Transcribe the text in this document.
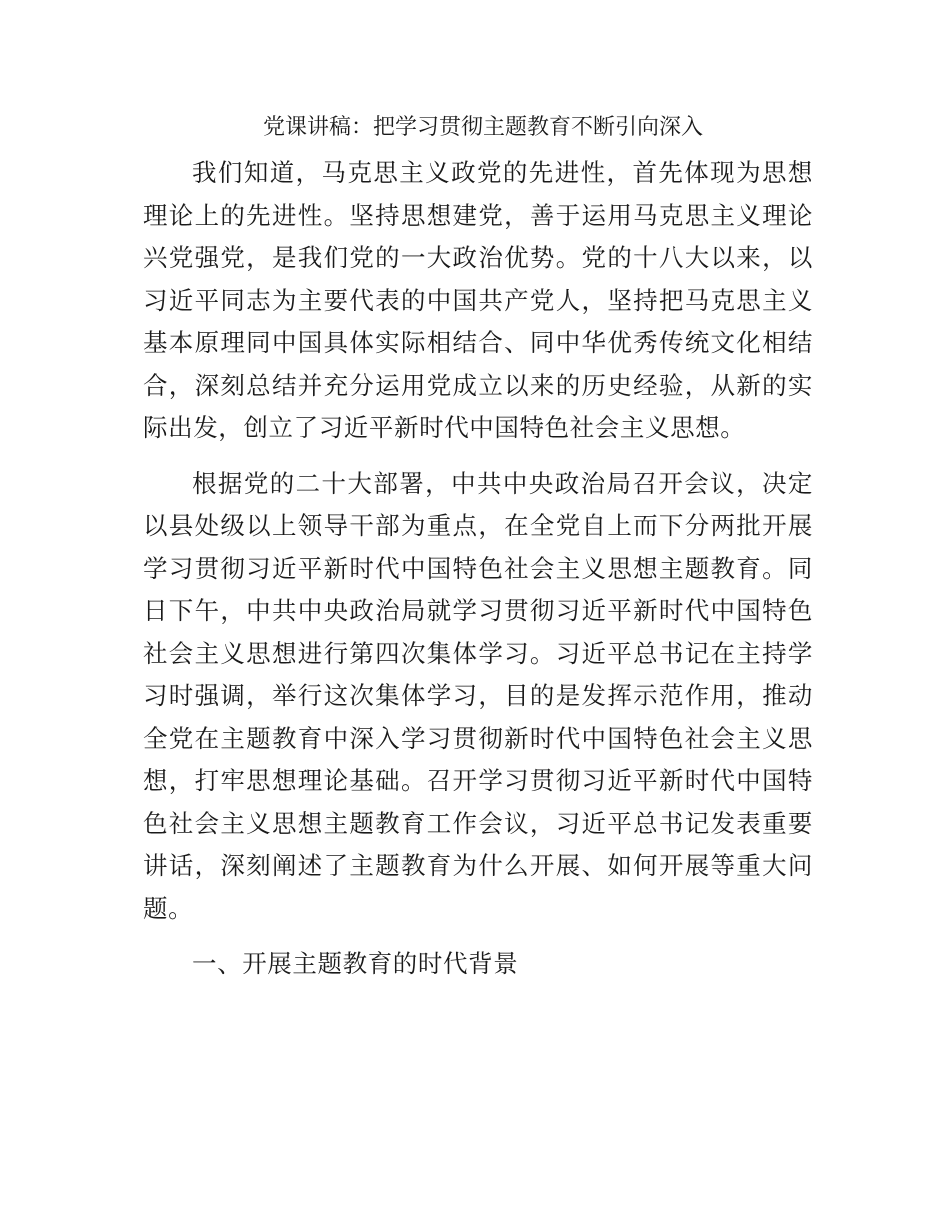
党课讲稿：把学习贯彻主题教育不断引向深入

我们知道，马克思主义政党的先进性，首先体现为思想理论上的先进性。坚持思想建党，善于运用马克思主义理论兴党强党，是我们党的一大政治优势。党的十八大以来，以习近平同志为主要代表的中国共产党人，坚持把马克思主义基本原理同中国具体实际相结合、同中华优秀传统文化相结合，深刻总结并充分运用党成立以来的历史经验，从新的实际出发，创立了习近平新时代中国特色社会主义思想。

根据党的二十大部署，中共中央政治局召开会议，决定以县处级以上领导干部为重点，在全党自上而下分两批开展学习贯彻习近平新时代中国特色社会主义思想主题教育。同日下午，中共中央政治局就学习贯彻习近平新时代中国特色社会主义思想进行第四次集体学习。习近平总书记在主持学习时强调，举行这次集体学习，目的是发挥示范作用，推动全党在主题教育中深入学习贯彻新时代中国特色社会主义思想，打牢思想理论基础。召开学习贯彻习近平新时代中国特色社会主义思想主题教育工作会议，习近平总书记发表重要讲话，深刻阐述了主题教育为什么开展、如何开展等重大问题。

一、开展主题教育的时代背景
